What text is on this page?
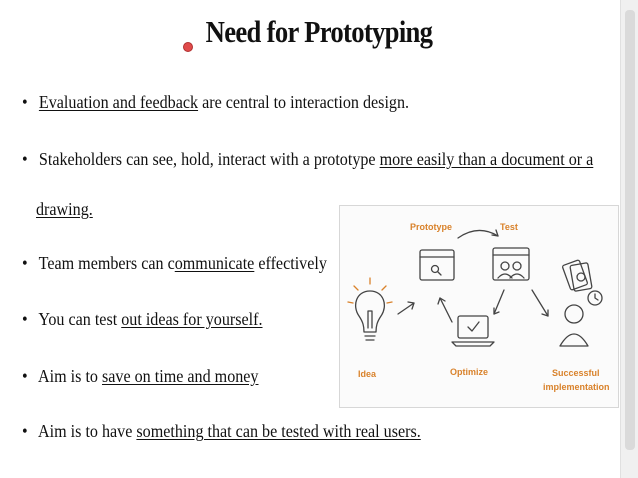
Need for Prototyping
• Evaluation and feedback are central to interaction design.
• Stakeholders can see, hold, interact with a prototype more easily than a document or a
drawing.
• Team members can communicate effectively
• You can test out ideas for yourself.
• Aim is to save on time and money
• Aim is to have something that can be tested with real users.
Prototype	Test
Idea	Optimize	Successful
implementation
